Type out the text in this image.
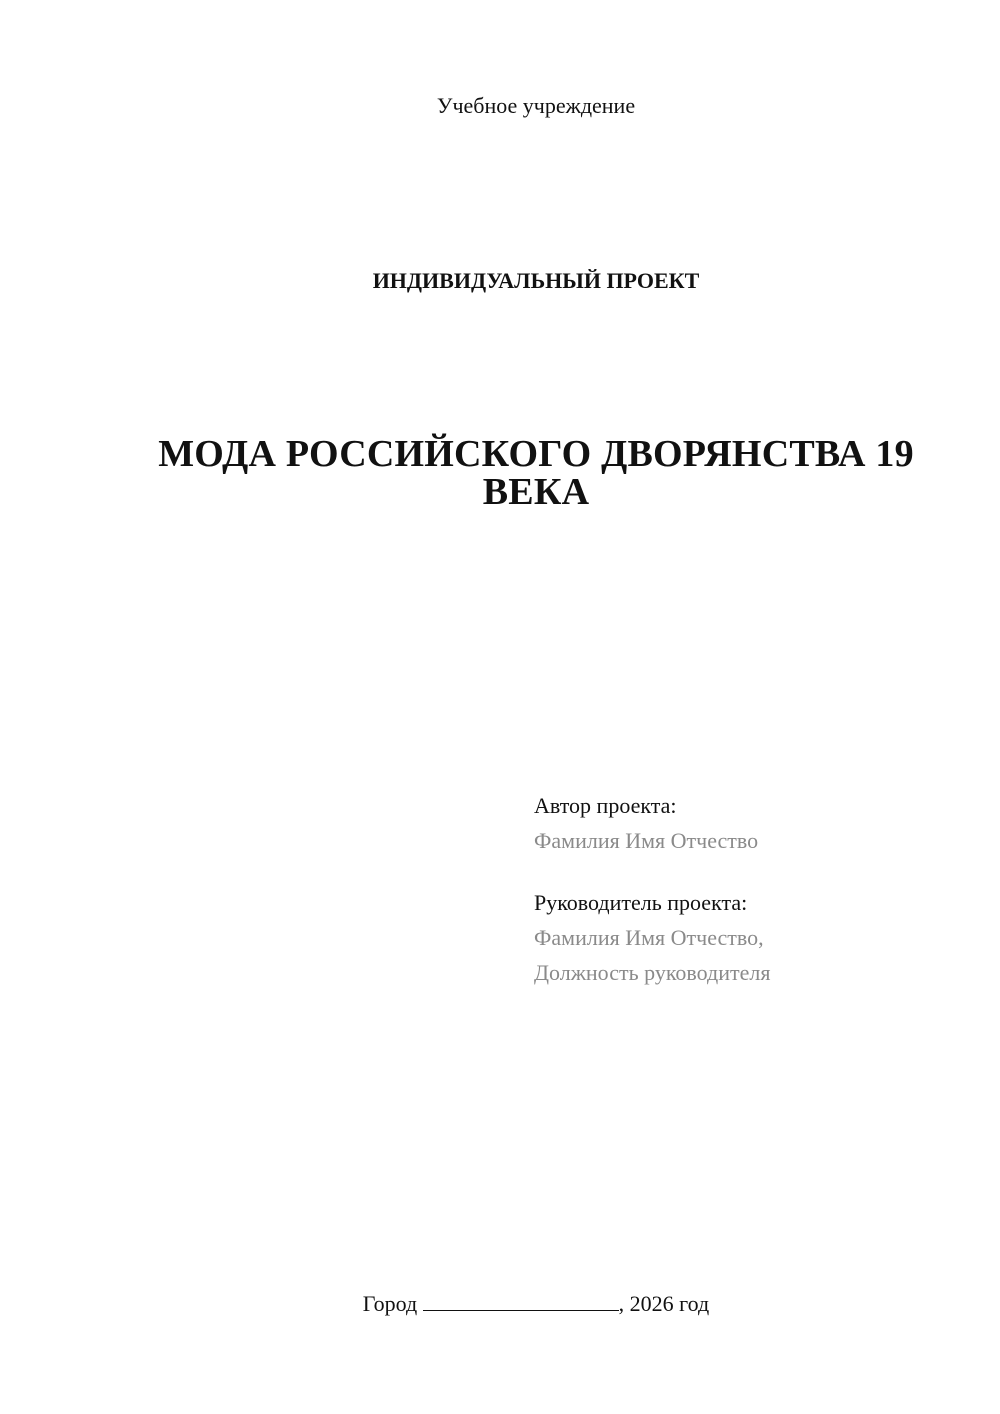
Учебное учреждение
ИНДИВИДУАЛЬНЫЙ ПРОЕКТ
МОДА РОССИЙСКОГО ДВОРЯНСТВА 19
ВЕКА
Автор проекта:
Фамилия Имя Отчество
Руководитель проекта:
Фамилия Имя Отчество,
Должность руководителя
Город	, 2026 год
